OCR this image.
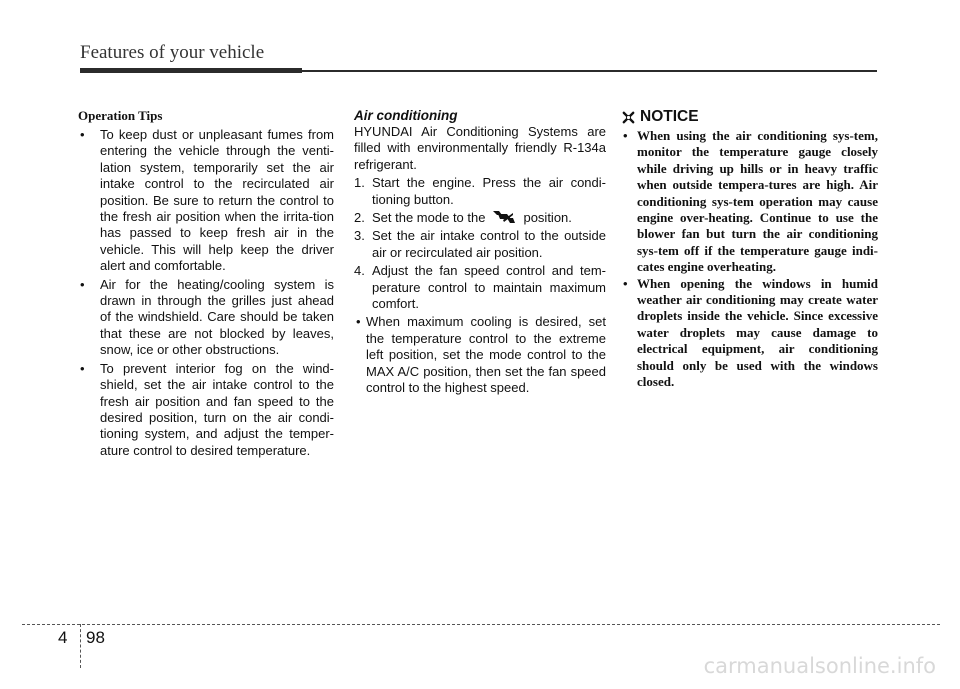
Features of your vehicle
Operation Tips
• To keep dust or unpleasant fumes from entering the vehicle through the venti-lation system, temporarily set the air intake control to the recirculated air position. Be sure to return the control to the fresh air position when the irrita-tion has passed to keep fresh air in the vehicle. This will help keep the driver alert and comfortable.
• Air for the heating/cooling system is drawn in through the grilles just ahead of the windshield. Care should be taken that these are not blocked by leaves, snow, ice or other obstructions.
• To prevent interior fog on the wind-shield, set the air intake control to the fresh air position and fan speed to the desired position, turn on the air condi-tioning system, and adjust the temper-ature control to desired temperature.
Air conditioning

HYUNDAI Air Conditioning Systems are filled with environmentally friendly R-134a refrigerant.

1. Start the engine. Press the air condi-tioning button.
2. Set the mode to the	position.
3. Set the air intake control to the outside air or recirculated air position.
4. Adjust the fan speed control and tem-perature control to maintain maximum comfort.
• When maximum cooling is desired, set the temperature control to the extreme left position, set the mode control to the MAX A/C position, then set the fan speed control to the highest speed.
NOTICE
• When using the air conditioning sys-tem, monitor the temperature gauge closely while driving up hills or in heavy traffic when outside tempera-tures are high. Air conditioning sys-tem operation may cause engine over-heating. Continue to use the blower fan but turn the air conditioning sys-tem off if the temperature gauge indi-cates engine overheating.
• When opening the windows in humid weather air conditioning may create water droplets inside the vehicle. Since excessive water droplets may cause damage to electrical equipment, air conditioning should only be used with the windows closed.
4 98
carmanualsonline.info
